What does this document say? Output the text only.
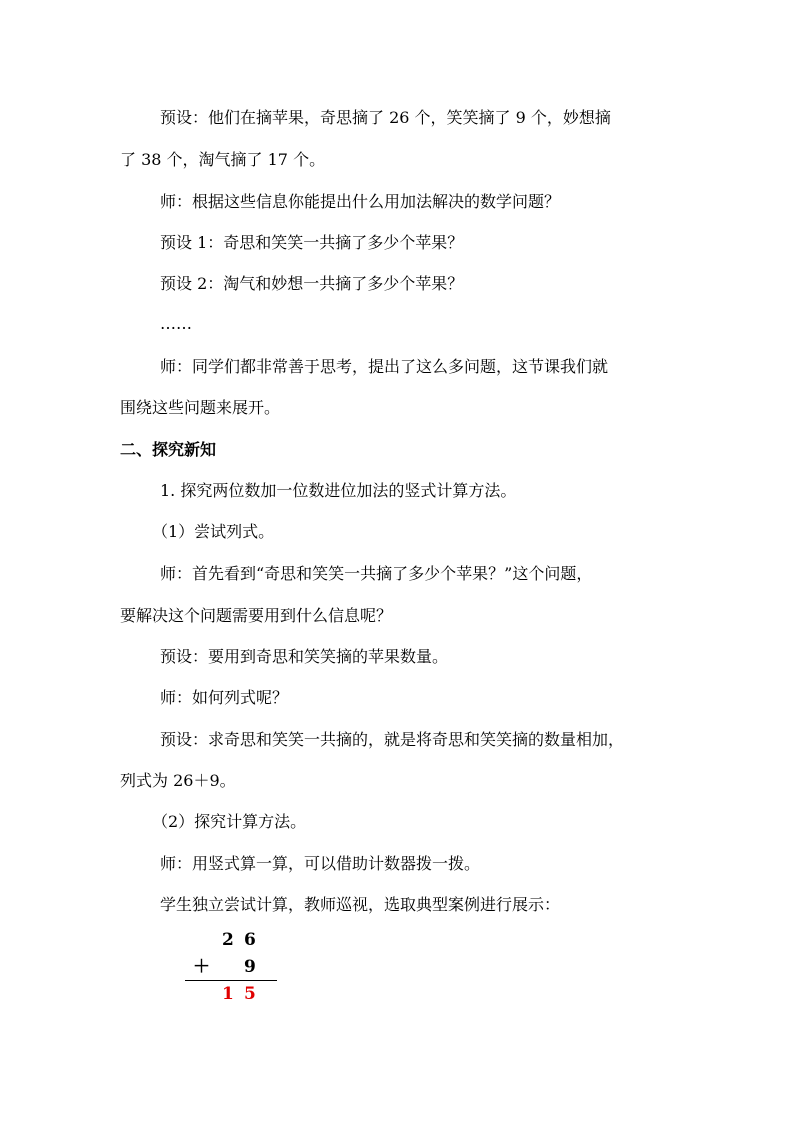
预设：他们在摘苹果，奇思摘了 26 个，笑笑摘了 9 个，妙想摘
了 38 个，淘气摘了 17 个。
师：根据这些信息你能提出什么用加法解决的数学问题？
预设 1：奇思和笑笑一共摘了多少个苹果？
预设 2：淘气和妙想一共摘了多少个苹果？
……
师：同学们都非常善于思考，提出了这么多问题，这节课我们就
围绕这些问题来展开。
二、探究新知
1. 探究两位数加一位数进位加法的竖式计算方法。
（1）尝试列式。
师：首先看到“奇思和笑笑一共摘了多少个苹果？”这个问题，
要解决这个问题需要用到什么信息呢？
预设：要用到奇思和笑笑摘的苹果数量。
师：如何列式呢？
预设：求奇思和笑笑一共摘的，就是将奇思和笑笑摘的数量相加，
列式为 26＋9。
（2）探究计算方法。
师：用竖式算一算，可以借助计数器拨一拨。
学生独立尝试计算，教师巡视，选取典型案例进行展示：
2 6
＋ 9
1 5
